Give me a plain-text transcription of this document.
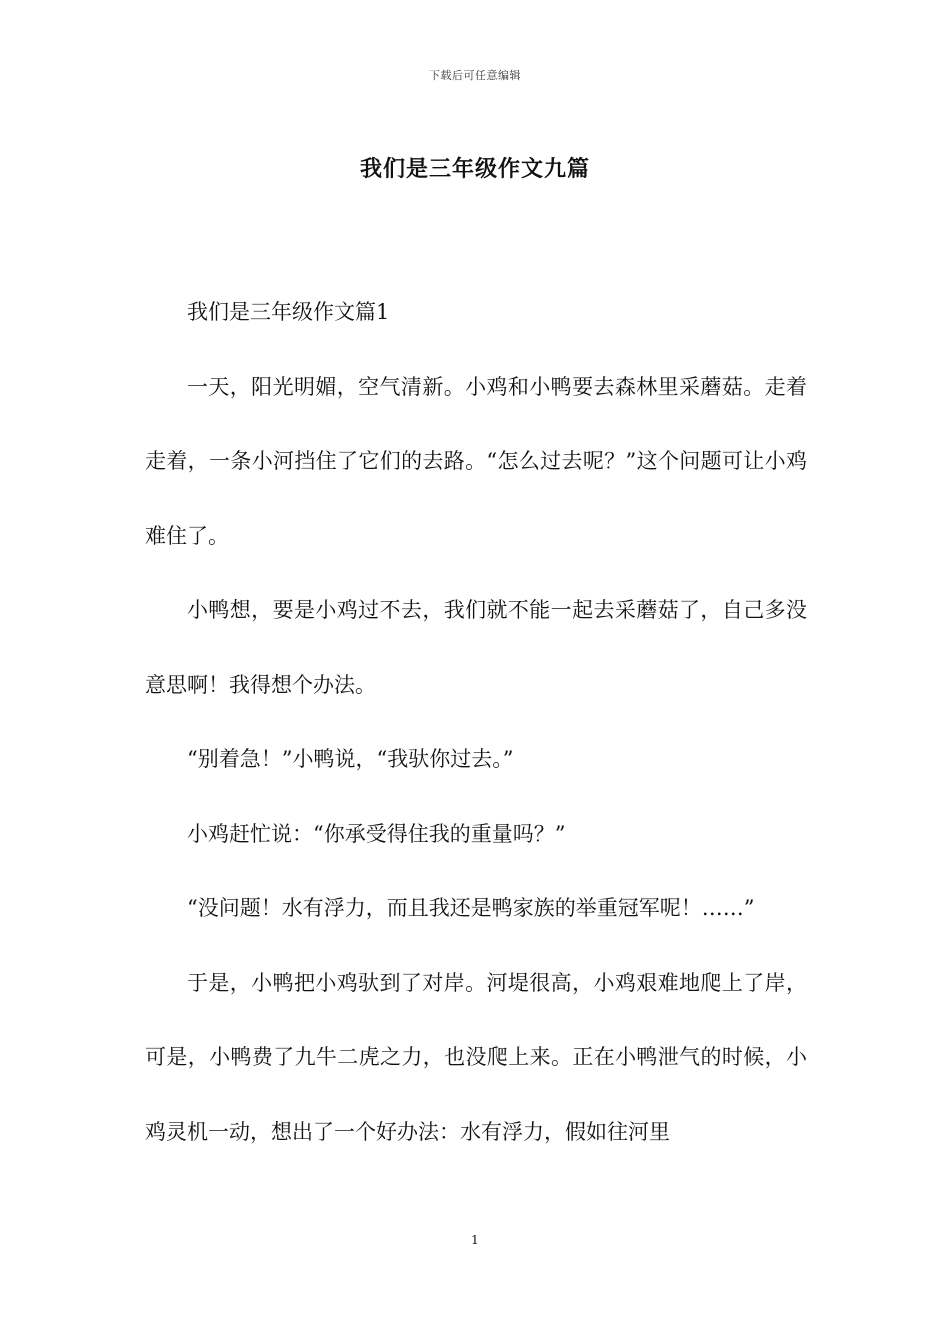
下载后可任意编辑
我们是三年级作文九篇

我们是三年级作文篇1

一天，阳光明媚，空气清新。小鸡和小鸭要去森林里采蘑菇。走着走着，一条小河挡住了它们的去路。“怎么过去呢？”这个问题可让小鸡难住了。

小鸭想，要是小鸡过不去，我们就不能一起去采蘑菇了，自己多没意思啊！我得想个办法。

“别着急！”小鸭说，“我驮你过去。”

小鸡赶忙说：“你承受得住我的重量吗？”

“没问题！水有浮力，而且我还是鸭家族的举重冠军呢！……”

于是，小鸭把小鸡驮到了对岸。河堤很高，小鸡艰难地爬上了岸，可是，小鸭费了九牛二虎之力，也没爬上来。正在小鸭泄气的时候，小鸡灵机一动，想出了一个好办法：水有浮力，假如往河里

1
